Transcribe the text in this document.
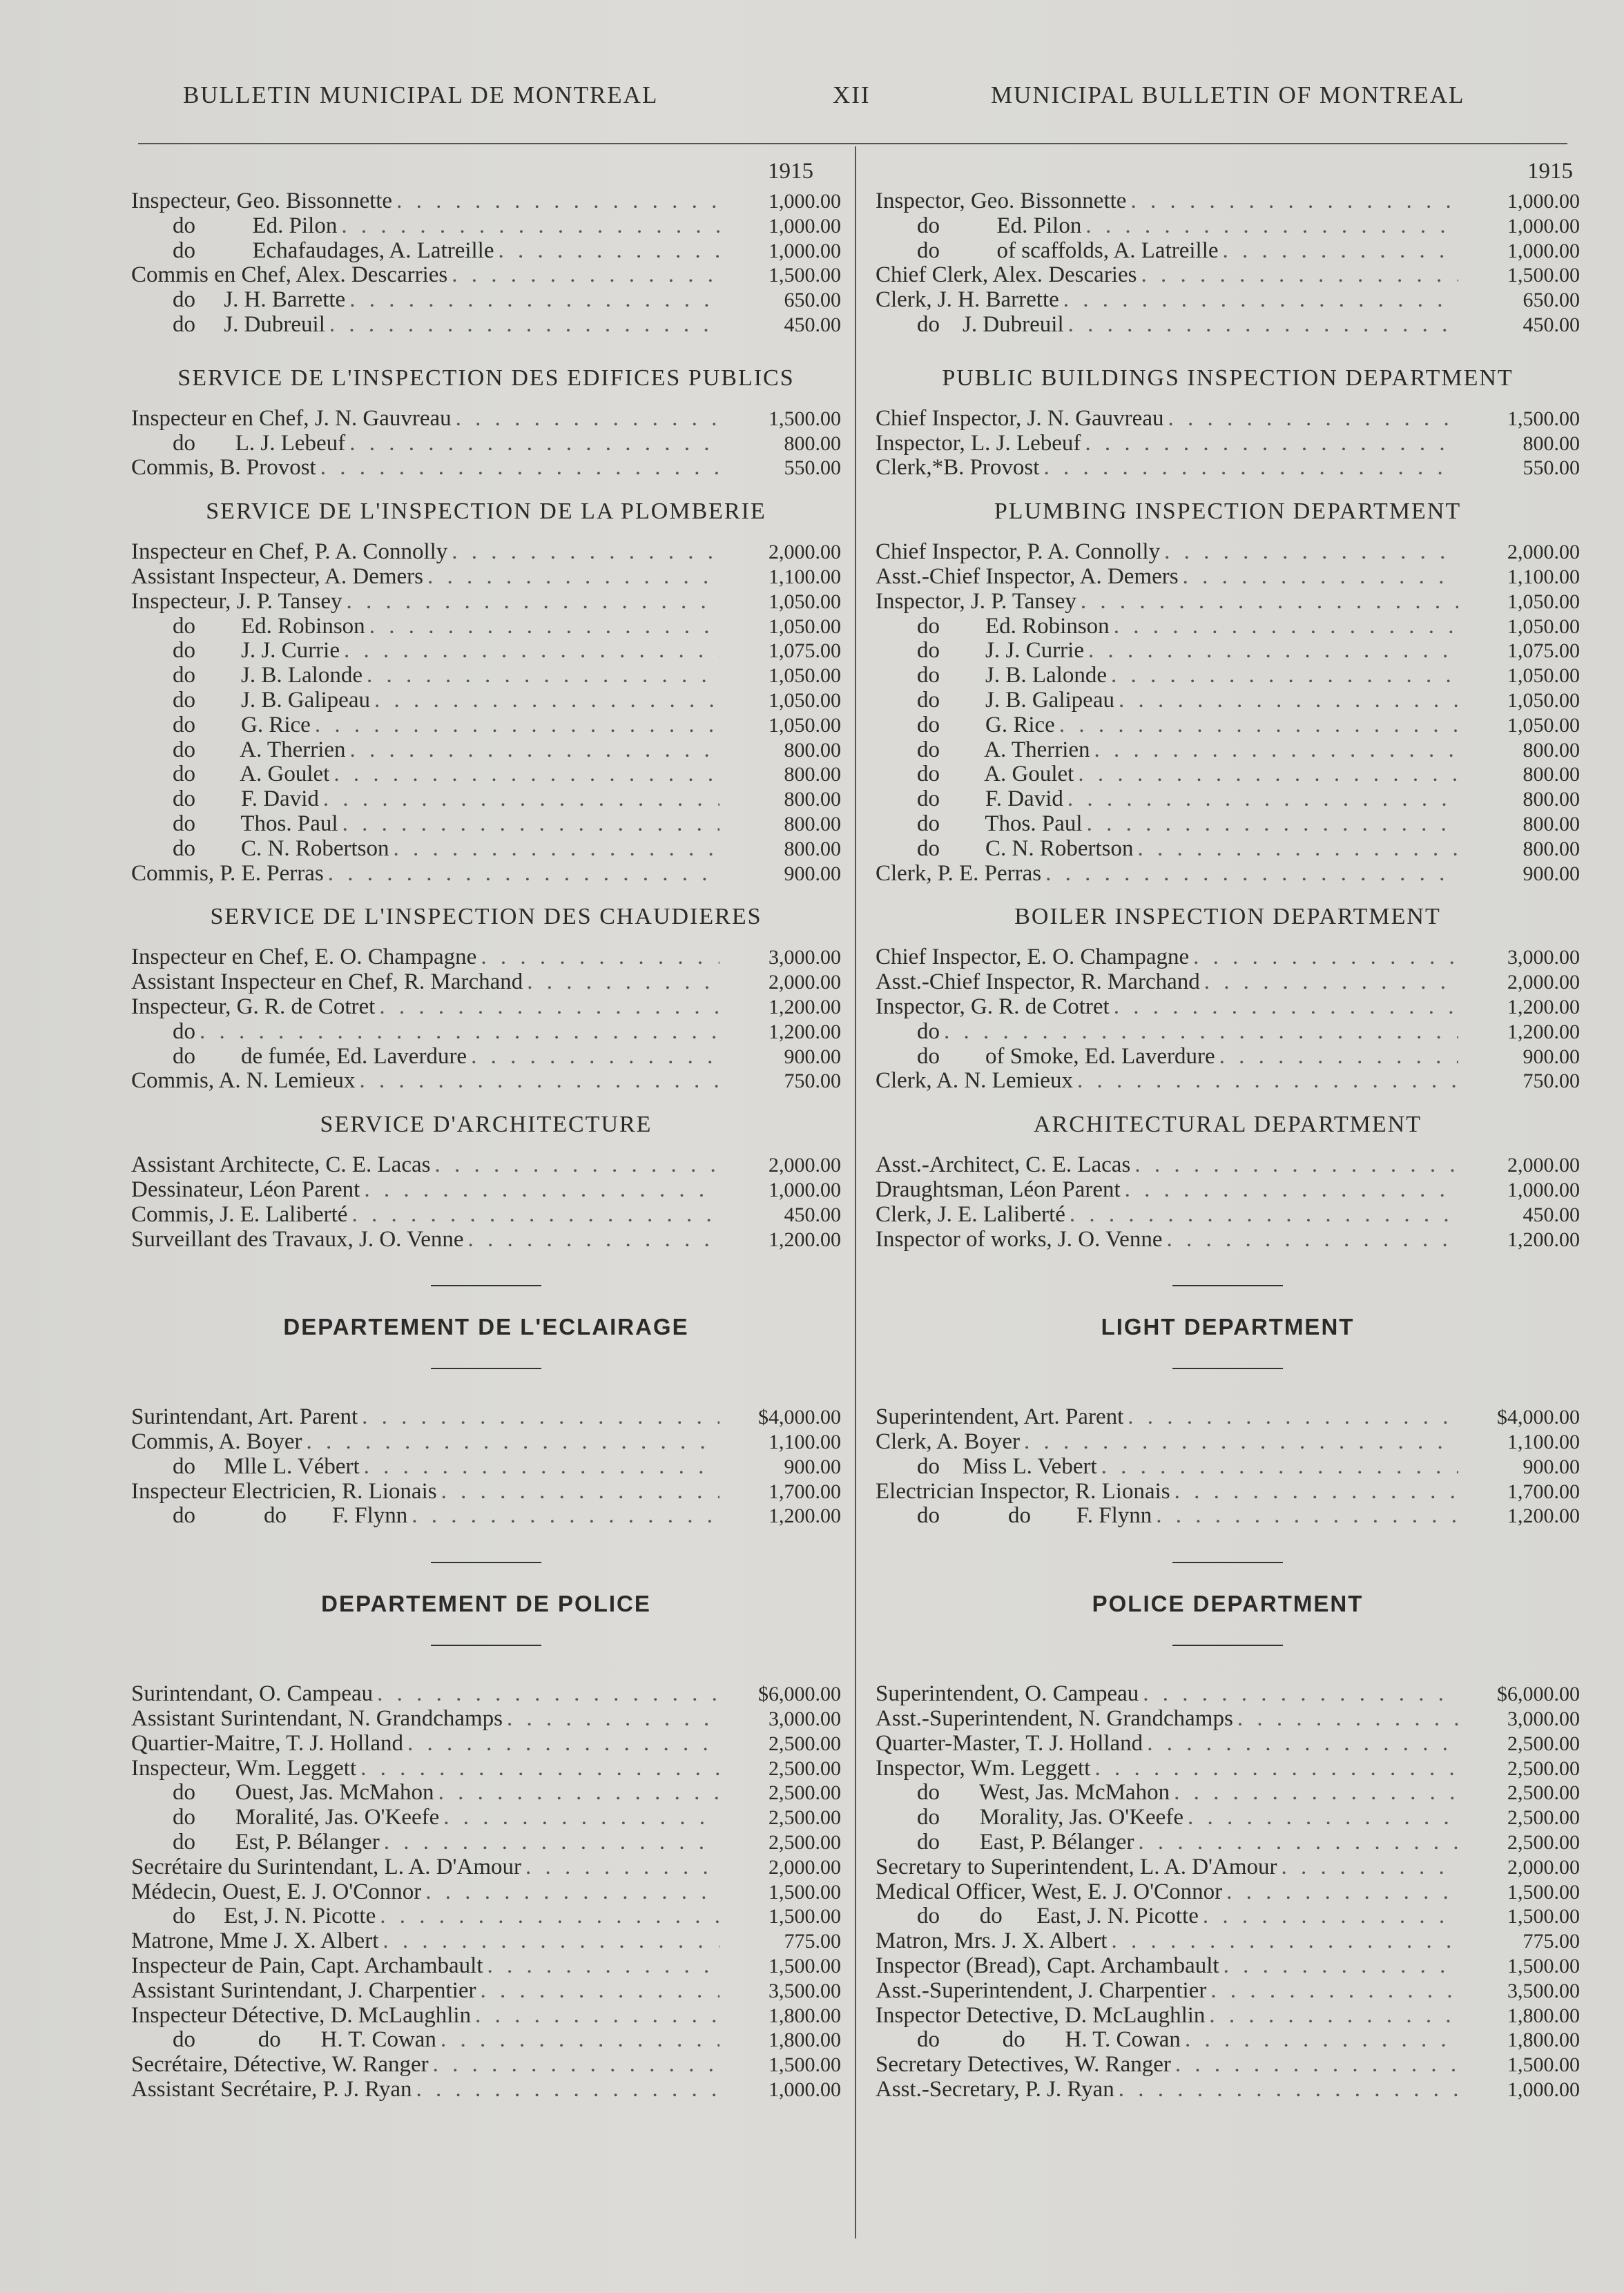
BULLETIN MUNICIPAL DE MONTREAL	XII	MUNICIPAL BULLETIN OF MONTREAL
1915
Inspecteur, Geo. Bissonnette . . .	1,000.00
do          Ed. Pilon . . .	1,000.00
do          Echafaudages, A. Latreille . . .	1,000.00
Commis en Chef, Alex. Descarries . . .	1,500.00
do     J. H. Barrette . . .	650.00
do     J. Dubreuil . . .	450.00
SERVICE DE L'INSPECTION DES EDIFICES PUBLICS
Inspecteur en Chef, J. N. Gauvreau . . .	1,500.00
do       L. J. Lebeuf . . .	800.00
Commis, B. Provost . . .	550.00
SERVICE DE L'INSPECTION DE LA PLOMBERIE
Inspecteur en Chef, P. A. Connolly . . .	2,000.00
Assistant Inspecteur, A. Demers . . .	1,100.00
Inspecteur, J. P. Tansey . . .	1,050.00
do        Ed. Robinson . . .	1,050.00
do        J. J. Currie . . .	1,075.00
do        J. B. Lalonde . . .	1,050.00
do        J. B. Galipeau . . .	1,050.00
do        G. Rice . . .	1,050.00
do        A. Therrien . . .	800.00
do        A. Goulet . . .	800.00
do        F. David . . .	800.00
do        Thos. Paul . . .	800.00
do        C. N. Robertson . . .	800.00
Commis, P. E. Perras . . .	900.00
SERVICE DE L'INSPECTION DES CHAUDIERES
Inspecteur en Chef, E. O. Champagne . . .	3,000.00
Assistant Inspecteur en Chef, R. Marchand . . .	2,000.00
Inspecteur, G. R. de Cotret . . .	1,200.00
do . . .	1,200.00
do        de fumée, Ed. Laverdure . . .	900.00
Commis, A. N. Lemieux . . .	750.00
SERVICE D'ARCHITECTURE
Assistant Architecte, C. E. Lacas . . .	2,000.00
Dessinateur, Léon Parent . . .	1,000.00
Commis, J. E. Laliberté . . .	450.00
Surveillant des Travaux, J. O. Venne . . .	1,200.00
DEPARTEMENT DE L'ECLAIRAGE
Surintendant, Art. Parent . . .	$4,000.00
Commis, A. Boyer . . .	1,100.00
do     Mlle L. Vébert . . .	900.00
Inspecteur Electricien, R. Lionais . . .	1,700.00
do            do        F. Flynn . . .	1,200.00
DEPARTEMENT DE POLICE
Surintendant, O. Campeau . . .	$6,000.00
Assistant Surintendant, N. Grandchamps . . .	3,000.00
Quartier-Maitre, T. J. Holland . . .	2,500.00
Inspecteur, Wm. Leggett . . .	2,500.00
do       Ouest, Jas. McMahon . . .	2,500.00
do       Moralité, Jas. O'Keefe . . .	2,500.00
do       Est, P. Bélanger . . .	2,500.00
Secrétaire du Surintendant, L. A. D'Amour . . .	2,000.00
Médecin, Ouest, E. J. O'Connor . . .	1,500.00
do     Est, J. N. Picotte . . .	1,500.00
Matrone, Mme J. X. Albert . . .	775.00
Inspecteur de Pain, Capt. Archambault . . .	1,500.00
Assistant Surintendant, J. Charpentier . . .	3,500.00
Inspecteur Détective, D. McLaughlin . . .	1,800.00
do           do       H. T. Cowan . . .	1,800.00
Secrétaire, Détective, W. Ranger . . .	1,500.00
Assistant Secrétaire, P. J. Ryan . . .	1,000.00
1915
Inspector, Geo. Bissonnette . . .	1,000.00
do          Ed. Pilon . . .	1,000.00
do          of scaffolds, A. Latreille . . .	1,000.00
Chief Clerk, Alex. Descaries . . .	1,500.00
Clerk, J. H. Barrette . . .	650.00
do    J. Dubreuil . . .	450.00
PUBLIC BUILDINGS INSPECTION DEPARTMENT
Chief Inspector, J. N. Gauvreau . . .	1,500.00
Inspector, L. J. Lebeuf . . .	800.00
Clerk,*B. Provost . . .	550.00
PLUMBING INSPECTION DEPARTMENT
Chief Inspector, P. A. Connolly . . .	2,000.00
Asst.-Chief Inspector, A. Demers . . .	1,100.00
Inspector, J. P. Tansey . . .	1,050.00
do        Ed. Robinson . . .	1,050.00
do        J. J. Currie . . .	1,075.00
do        J. B. Lalonde . . .	1,050.00
do        J. B. Galipeau . . .	1,050.00
do        G. Rice . . .	1,050.00
do        A. Therrien . . .	800.00
do        A. Goulet . . .	800.00
do        F. David . . .	800.00
do        Thos. Paul . . .	800.00
do        C. N. Robertson . . .	800.00
Clerk, P. E. Perras . . .	900.00
BOILER INSPECTION DEPARTMENT
Chief Inspector, E. O. Champagne . . .	3,000.00
Asst.-Chief Inspector, R. Marchand . . .	2,000.00
Inspector, G. R. de Cotret . . .	1,200.00
do . . .	1,200.00
do        of Smoke, Ed. Laverdure . . .	900.00
Clerk, A. N. Lemieux . . .	750.00
ARCHITECTURAL DEPARTMENT
Asst.-Architect, C. E. Lacas . . .	2,000.00
Draughtsman, Léon Parent . . .	1,000.00
Clerk, J. E. Laliberté . . .	450.00
Inspector of works, J. O. Venne . . .	1,200.00
LIGHT DEPARTMENT
Superintendent, Art. Parent . . .	$4,000.00
Clerk, A. Boyer . . .	1,100.00
do    Miss L. Vebert . . .	900.00
Electrician Inspector, R. Lionais . . .	1,700.00
do            do        F. Flynn . . .	1,200.00
POLICE DEPARTMENT
Superintendent, O. Campeau . . .	$6,000.00
Asst.-Superintendent, N. Grandchamps . . .	3,000.00
Quarter-Master, T. J. Holland . . .	2,500.00
Inspector, Wm. Leggett . . .	2,500.00
do       West, Jas. McMahon . . .	2,500.00
do       Morality, Jas. O'Keefe . . .	2,500.00
do       East, P. Bélanger . . .	2,500.00
Secretary to Superintendent, L. A. D'Amour . . .	2,000.00
Medical Officer, West, E. J. O'Connor . . .	1,500.00
do       do      East, J. N. Picotte . . .	1,500.00
Matron, Mrs. J. X. Albert . . .	775.00
Inspector (Bread), Capt. Archambault . . .	1,500.00
Asst.-Superintendent, J. Charpentier . . .	3,500.00
Inspector Detective, D. McLaughlin . . .	1,800.00
do           do       H. T. Cowan . . .	1,800.00
Secretary Detectives, W. Ranger . . .	1,500.00
Asst.-Secretary, P. J. Ryan . . .	1,000.00
